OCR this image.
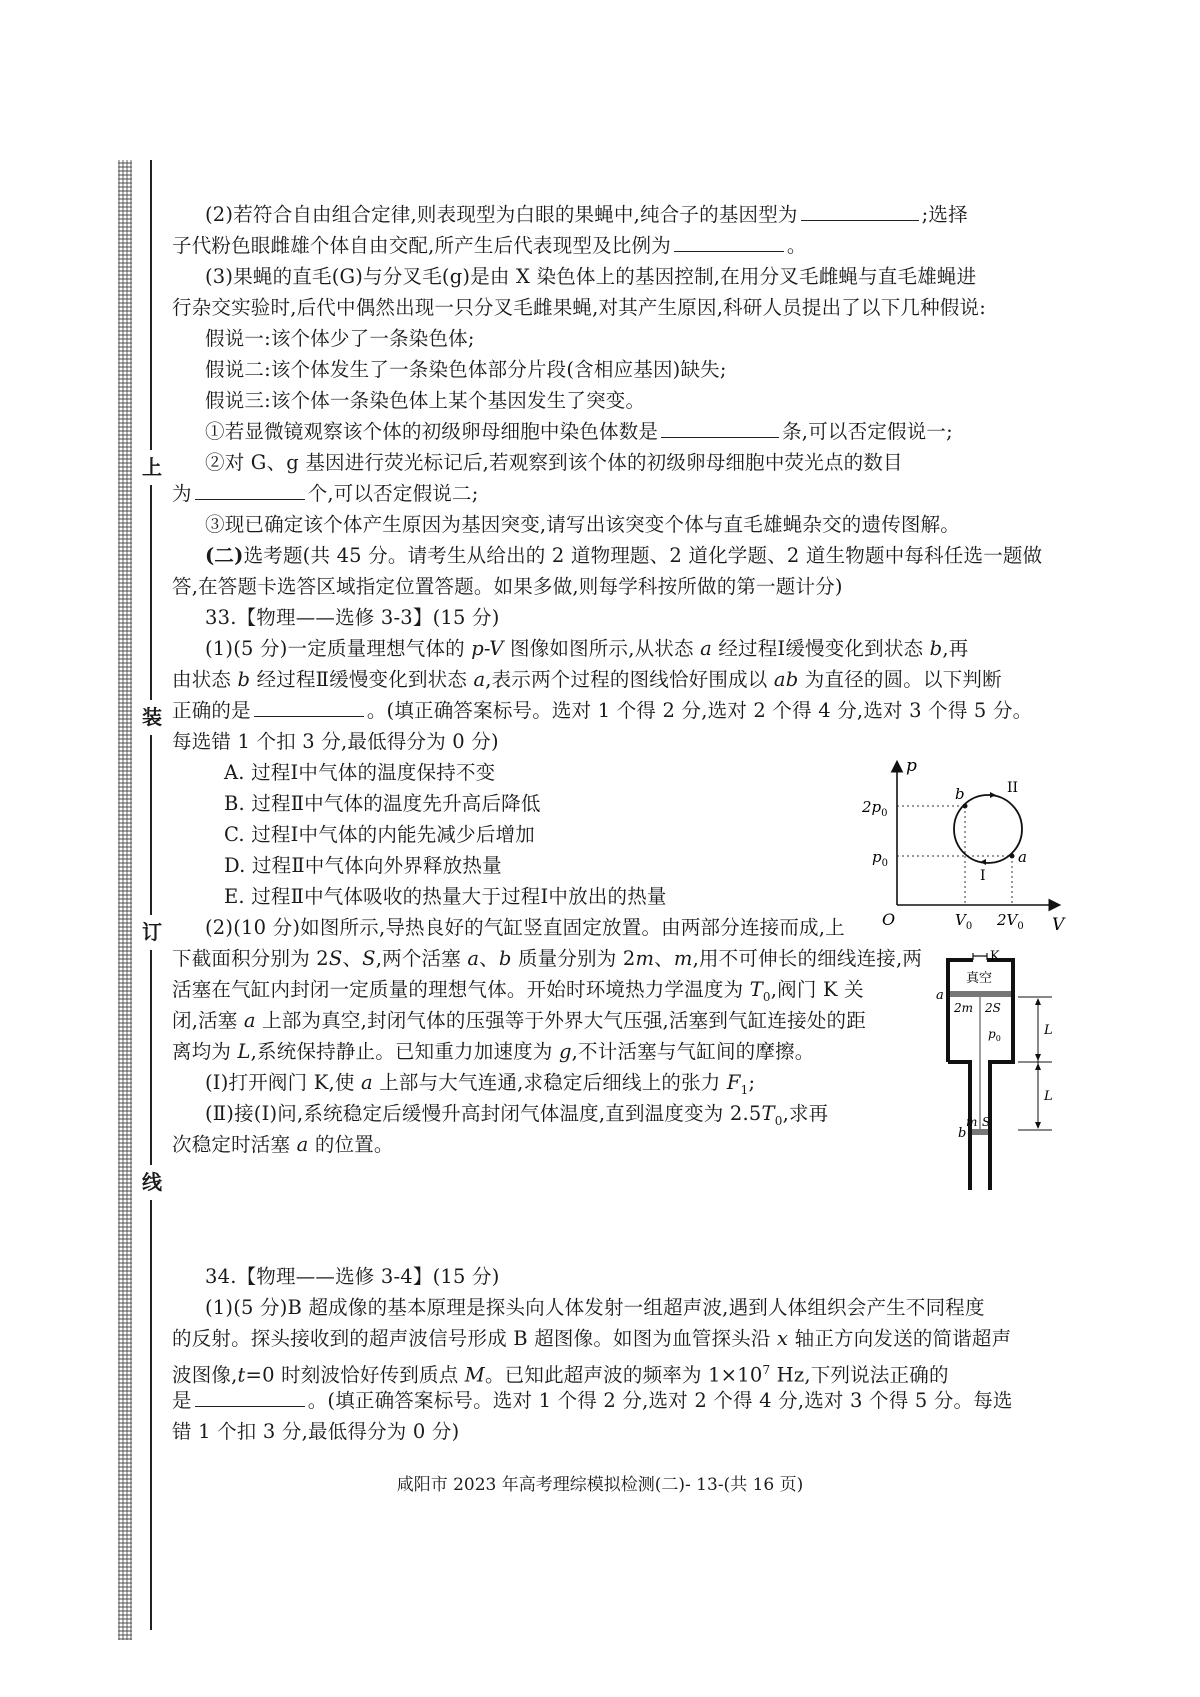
上
装
订
线
(2)若符合自由组合定律,则表现型为白眼的果蝇中,纯合子的基因型为	;选择
子代粉色眼雌雄个体自由交配,所产生后代表现型及比例为	。
(3)果蝇的直毛(G)与分叉毛(g)是由 X 染色体上的基因控制,在用分叉毛雌蝇与直毛雄蝇进
行杂交实验时,后代中偶然出现一只分叉毛雌果蝇,对其产生原因,科研人员提出了以下几种假说:
假说一:该个体少了一条染色体;
假说二:该个体发生了一条染色体部分片段(含相应基因)缺失;
假说三:该个体一条染色体上某个基因发生了突变。
①若显微镜观察该个体的初级卵母细胞中染色体数是	条,可以否定假说一;
②对 G、g 基因进行荧光标记后,若观察到该个体的初级卵母细胞中荧光点的数目
为	个,可以否定假说二;
③现已确定该个体产生原因为基因突变,请写出该突变个体与直毛雄蝇杂交的遗传图解。
(二)选考题(共 45 分。请考生从给出的 2 道物理题、2 道化学题、2 道生物题中每科任选一题做
答,在答题卡选答区域指定位置答题。如果多做,则每学科按所做的第一题计分)
33.【物理——选修 3-3】(15 分)
(1)(5 分)一定质量理想气体的 p-V 图像如图所示,从状态 a 经过程Ⅰ缓慢变化到状态 b,再
由状态 b 经过程Ⅱ缓慢变化到状态 a,表示两个过程的图线恰好围成以 ab 为直径的圆。以下判断
正确的是	。(填正确答案标号。选对 1 个得 2 分,选对 2 个得 4 分,选对 3 个得 5 分。
每选错 1 个扣 3 分,最低得分为 0 分)
A. 过程Ⅰ中气体的温度保持不变
B. 过程Ⅱ中气体的温度先升高后降低
C. 过程Ⅰ中气体的内能先减少后增加
D. 过程Ⅱ中气体向外界释放热量
E. 过程Ⅱ中气体吸收的热量大于过程Ⅰ中放出的热量
(2)(10 分)如图所示,导热良好的气缸竖直固定放置。由两部分连接而成,上
下截面积分别为 2S、S,两个活塞 a、b 质量分别为 2m、m,用不可伸长的细线连接,两
活塞在气缸内封闭一定质量的理想气体。开始时环境热力学温度为 $T_0$,阀门 K 关
闭,活塞 a 上部为真空,封闭气体的压强等于外界大气压强,活塞到气缸连接处的距
离均为 L,系统保持静止。已知重力加速度为 g,不计活塞与气缸间的摩擦。
(Ⅰ)打开阀门 K,使 a 上部与大气连通,求稳定后细线上的张力 $F_1$;
(Ⅱ)接(Ⅰ)问,系统稳定后缓慢升高封闭气体温度,直到温度变为 $2.5T_0$,求再
次稳定时活塞 a 的位置。
34.【物理——选修 3-4】(15 分)
(1)(5 分)B 超成像的基本原理是探头向人体发射一组超声波,遇到人体组织会产生不同程度
的反射。探头接收到的超声波信号形成 B 超图像。如图为血管探头沿 x 轴正方向发送的简谐超声
波图像,t=0 时刻波恰好传到质点 M。已知此超声波的频率为 $1\times 10^7$ Hz,下列说法正确的
是	。(填正确答案标号。选对 1 个得 2 分,选对 2 个得 4 分,选对 3 个得 5 分。每选
错 1 个扣 3 分,最低得分为 0 分)
p
V
O
$2p_0$
$p_0$
$V_0$ $2V_0$
b
a
II
I
K
真空
a
2m 2S
$p_0$
m S
b
L
L
咸阳市 2023 年高考理综模拟检测(二)- 13-(共 16 页)
